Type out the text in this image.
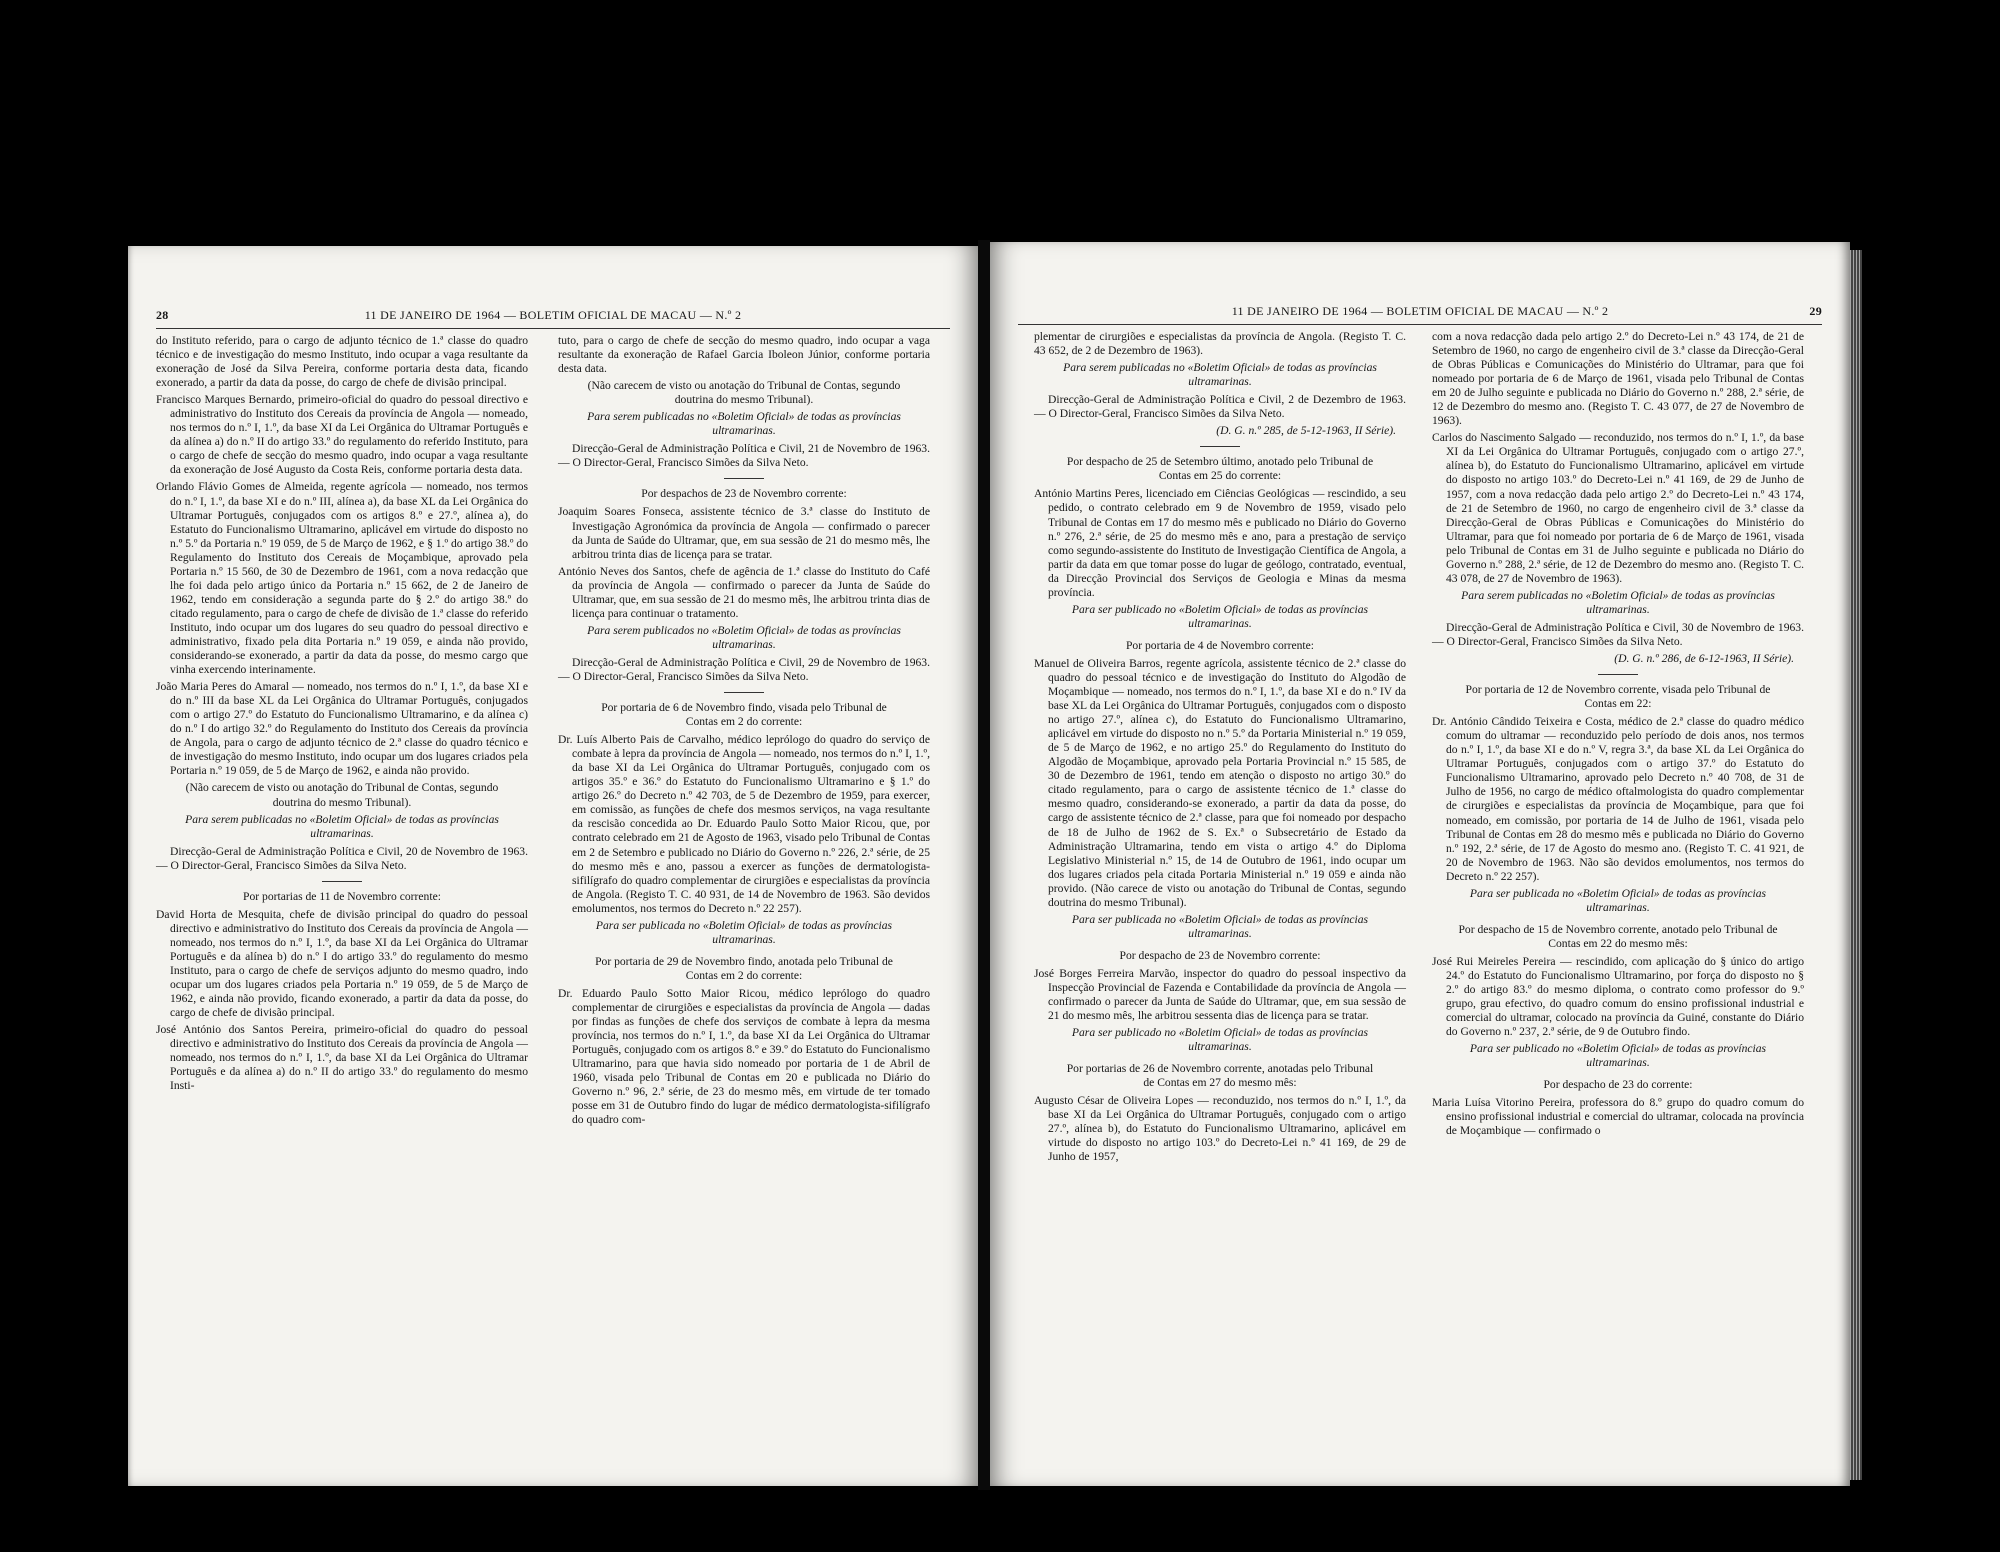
28	11 DE JANEIRO DE 1964 — BOLETIM OFICIAL DE MACAU — N.º 2

do Instituto referido, para o cargo de adjunto técnico de 1.ª classe do quadro técnico e de investigação do mesmo Instituto, indo ocupar a vaga resultante da exoneração de José da Silva Pereira, conforme portaria desta data, ficando exonerado, a partir da data da posse, do cargo de chefe de divisão principal.

Francisco Marques Bernardo, primeiro-oficial do quadro do pessoal directivo e administrativo do Instituto dos Cereais da província de Angola — nomeado, nos termos do n.º I, 1.º, da base XI da Lei Orgânica do Ultramar Português e da alínea a) do n.º II do artigo 33.º do regulamento do referido Instituto, para o cargo de chefe de secção do mesmo quadro, indo ocupar a vaga resultante da exoneração de José Augusto da Costa Reis, conforme portaria desta data.

Orlando Flávio Gomes de Almeida, regente agrícola — nomeado, nos termos do n.º I, 1.º, da base XI e do n.º III, alínea a), da base XL da Lei Orgânica do Ultramar Português, conjugados com os artigos 8.º e 27.º, alínea a), do Estatuto do Funcionalismo Ultramarino, aplicável em virtude do disposto no n.º 5.º da Portaria n.º 19 059, de 5 de Março de 1962, e § 1.º do artigo 38.º do Regulamento do Instituto dos Cereais de Moçambique, aprovado pela Portaria n.º 15 560, de 30 de Dezembro de 1961, com a nova redacção que lhe foi dada pelo artigo único da Portaria n.º 15 662, de 2 de Janeiro de 1962, tendo em consideração a segunda parte do § 2.º do artigo 38.º do citado regulamento, para o cargo de chefe de divisão de 1.ª classe do referido Instituto, indo ocupar um dos lugares do seu quadro do pessoal directivo e administrativo, fixado pela dita Portaria n.º 19 059, e ainda não provido, considerando-se exonerado, a partir da data da posse, do mesmo cargo que vinha exercendo interinamente.

João Maria Peres do Amaral — nomeado, nos termos do n.º I, 1.º, da base XI e do n.º III da base XL da Lei Orgânica do Ultramar Português, conjugados com o artigo 27.º do Estatuto do Funcionalismo Ultramarino, e da alínea c) do n.º I do artigo 32.º do Regulamento do Instituto dos Cereais da província de Angola, para o cargo de adjunto técnico de 2.ª classe do quadro técnico e de investigação do mesmo Instituto, indo ocupar um dos lugares criados pela Portaria n.º 19 059, de 5 de Março de 1962, e ainda não provido.

(Não carecem de visto ou anotação do Tribunal de Contas, segundo doutrina do mesmo Tribunal).

Para serem publicadas no «Boletim Oficial» de todas as províncias ultramarinas.

Direcção-Geral de Administração Política e Civil, 20 de Novembro de 1963. — O Director-Geral, Francisco Simões da Silva Neto.

Por portarias de 11 de Novembro corrente:

David Horta de Mesquita, chefe de divisão principal do quadro do pessoal directivo e administrativo do Instituto dos Cereais da província de Angola — nomeado, nos termos do n.º I, 1.º, da base XI da Lei Orgânica do Ultramar Português e da alínea b) do n.º I do artigo 33.º do regulamento do mesmo Instituto, para o cargo de chefe de serviços adjunto do mesmo quadro, indo ocupar um dos lugares criados pela Portaria n.º 19 059, de 5 de Março de 1962, e ainda não provido, ficando exonerado, a partir da data da posse, do cargo de chefe de divisão principal.

José António dos Santos Pereira, primeiro-oficial do quadro do pessoal directivo e administrativo do Instituto dos Cereais da província de Angola — nomeado, nos termos do n.º I, 1.º, da base XI da Lei Orgânica do Ultramar Português e da alínea a) do n.º II do artigo 33.º do regulamento do mesmo Insti-

tuto, para o cargo de chefe de secção do mesmo quadro, indo ocupar a vaga resultante da exoneração de Rafael Garcia Iboleon Júnior, conforme portaria desta data.

(Não carecem de visto ou anotação do Tribunal de Contas, segundo doutrina do mesmo Tribunal).

Para serem publicadas no «Boletim Oficial» de todas as províncias ultramarinas.

Direcção-Geral de Administração Política e Civil, 21 de Novembro de 1963. — O Director-Geral, Francisco Simões da Silva Neto.

Por despachos de 23 de Novembro corrente:

Joaquim Soares Fonseca, assistente técnico de 3.ª classe do Instituto de Investigação Agronómica da província de Angola — confirmado o parecer da Junta de Saúde do Ultramar, que, em sua sessão de 21 do mesmo mês, lhe arbitrou trinta dias de licença para se tratar.

António Neves dos Santos, chefe de agência de 1.ª classe do Instituto do Café da província de Angola — confirmado o parecer da Junta de Saúde do Ultramar, que, em sua sessão de 21 do mesmo mês, lhe arbitrou trinta dias de licença para continuar o tratamento.

Para serem publicados no «Boletim Oficial» de todas as províncias ultramarinas.

Direcção-Geral de Administração Política e Civil, 29 de Novembro de 1963. — O Director-Geral, Francisco Simões da Silva Neto.

Por portaria de 6 de Novembro findo, visada pelo Tribunal de Contas em 2 do corrente:

Dr. Luís Alberto Pais de Carvalho, médico leprólogo do quadro do serviço de combate à lepra da província de Angola — nomeado, nos termos do n.º I, 1.º, da base XI da Lei Orgânica do Ultramar Português, conjugado com os artigos 35.º e 36.º do Estatuto do Funcionalismo Ultramarino e § 1.º do artigo 26.º do Decreto n.º 42 703, de 5 de Dezembro de 1959, para exercer, em comissão, as funções de chefe dos mesmos serviços, na vaga resultante da rescisão concedida ao Dr. Eduardo Paulo Sotto Maior Ricou, que, por contrato celebrado em 21 de Agosto de 1963, visado pelo Tribunal de Contas em 2 de Setembro e publicado no Diário do Governo n.º 226, 2.ª série, de 25 do mesmo mês e ano, passou a exercer as funções de dermatologista-sifilígrafo do quadro complementar de cirurgiões e especialistas da província de Angola. (Registo T. C. 40 931, de 14 de Novembro de 1963. São devidos emolumentos, nos termos do Decreto n.º 22 257).

Para ser publicada no «Boletim Oficial» de todas as províncias ultramarinas.

Por portaria de 29 de Novembro findo, anotada pelo Tribunal de Contas em 2 do corrente:

Dr. Eduardo Paulo Sotto Maior Ricou, médico leprólogo do quadro complementar de cirurgiões e especialistas da província de Angola — dadas por findas as funções de chefe dos serviços de combate à lepra da mesma província, nos termos do n.º I, 1.º, da base XI da Lei Orgânica do Ultramar Português, conjugado com os artigos 8.º e 39.º do Estatuto do Funcionalismo Ultramarino, para que havia sido nomeado por portaria de 1 de Abril de 1960, visada pelo Tribunal de Contas em 20 e publicada no Diário do Governo n.º 96, 2.ª série, de 23 do mesmo mês, em virtude de ter tomado posse em 31 de Outubro findo do lugar de médico dermatologista-sifilígrafo do quadro com-

11 DE JANEIRO DE 1964 — BOLETIM OFICIAL DE MACAU — N.º 2	29

plementar de cirurgiões e especialistas da província de Angola. (Registo T. C. 43 652, de 2 de Dezembro de 1963).

Para serem publicadas no «Boletim Oficial» de todas as províncias ultramarinas.

Direcção-Geral de Administração Política e Civil, 2 de Dezembro de 1963. — O Director-Geral, Francisco Simões da Silva Neto.

(D. G. n.º 285, de 5-12-1963, II Série).

Por despacho de 25 de Setembro último, anotado pelo Tribunal de Contas em 25 do corrente:

António Martins Peres, licenciado em Ciências Geológicas — rescindido, a seu pedido, o contrato celebrado em 9 de Novembro de 1959, visado pelo Tribunal de Contas em 17 do mesmo mês e publicado no Diário do Governo n.º 276, 2.ª série, de 25 do mesmo mês e ano, para a prestação de serviço como segundo-assistente do Instituto de Investigação Científica de Angola, a partir da data em que tomar posse do lugar de geólogo, contratado, eventual, da Direcção Provincial dos Serviços de Geologia e Minas da mesma província.

Para ser publicado no «Boletim Oficial» de todas as províncias ultramarinas.

Por portaria de 4 de Novembro corrente:

Manuel de Oliveira Barros, regente agrícola, assistente técnico de 2.ª classe do quadro do pessoal técnico e de investigação do Instituto do Algodão de Moçambique — nomeado, nos termos do n.º I, 1.º, da base XI e do n.º IV da base XL da Lei Orgânica do Ultramar Português, conjugados com o disposto no artigo 27.º, alínea c), do Estatuto do Funcionalismo Ultramarino, aplicável em virtude do disposto no n.º 5.º da Portaria Ministerial n.º 19 059, de 5 de Março de 1962, e no artigo 25.º do Regulamento do Instituto do Algodão de Moçambique, aprovado pela Portaria Provincial n.º 15 585, de 30 de Dezembro de 1961, tendo em atenção o disposto no artigo 30.º do citado regulamento, para o cargo de assistente técnico de 1.ª classe do mesmo quadro, considerando-se exonerado, a partir da data da posse, do cargo de assistente técnico de 2.ª classe, para que foi nomeado por despacho de 18 de Julho de 1962 de S. Ex.ª o Subsecretário de Estado da Administração Ultramarina, tendo em vista o artigo 4.º do Diploma Legislativo Ministerial n.º 15, de 14 de Outubro de 1961, indo ocupar um dos lugares criados pela citada Portaria Ministerial n.º 19 059 e ainda não provido. (Não carece de visto ou anotação do Tribunal de Contas, segundo doutrina do mesmo Tribunal).

Para ser publicada no «Boletim Oficial» de todas as províncias ultramarinas.

Por despacho de 23 de Novembro corrente:

José Borges Ferreira Marvão, inspector do quadro do pessoal inspectivo da Inspecção Provincial de Fazenda e Contabilidade da província de Angola — confirmado o parecer da Junta de Saúde do Ultramar, que, em sua sessão de 21 do mesmo mês, lhe arbitrou sessenta dias de licença para se tratar.

Para ser publicado no «Boletim Oficial» de todas as províncias ultramarinas.

Por portarias de 26 de Novembro corrente, anotadas pelo Tribunal de Contas em 27 do mesmo mês:

Augusto César de Oliveira Lopes — reconduzido, nos termos do n.º I, 1.º, da base XI da Lei Orgânica do Ultramar Português, conjugado com o artigo 27.º, alínea b), do Estatuto do Funcionalismo Ultramarino, aplicável em virtude do disposto no artigo 103.º do Decreto-Lei n.º 41 169, de 29 de Junho de 1957,

com a nova redacção dada pelo artigo 2.º do Decreto-Lei n.º 43 174, de 21 de Setembro de 1960, no cargo de engenheiro civil de 3.ª classe da Direcção-Geral de Obras Públicas e Comunicações do Ministério do Ultramar, para que foi nomeado por portaria de 6 de Março de 1961, visada pelo Tribunal de Contas em 20 de Julho seguinte e publicada no Diário do Governo n.º 288, 2.ª série, de 12 de Dezembro do mesmo ano. (Registo T. C. 43 077, de 27 de Novembro de 1963).

Carlos do Nascimento Salgado — reconduzido, nos termos do n.º I, 1.º, da base XI da Lei Orgânica do Ultramar Português, conjugado com o artigo 27.º, alínea b), do Estatuto do Funcionalismo Ultramarino, aplicável em virtude do disposto no artigo 103.º do Decreto-Lei n.º 41 169, de 29 de Junho de 1957, com a nova redacção dada pelo artigo 2.º do Decreto-Lei n.º 43 174, de 21 de Setembro de 1960, no cargo de engenheiro civil de 3.ª classe da Direcção-Geral de Obras Públicas e Comunicações do Ministério do Ultramar, para que foi nomeado por portaria de 6 de Março de 1961, visada pelo Tribunal de Contas em 31 de Julho seguinte e publicada no Diário do Governo n.º 288, 2.ª série, de 12 de Dezembro do mesmo ano. (Registo T. C. 43 078, de 27 de Novembro de 1963).

Para serem publicadas no «Boletim Oficial» de todas as províncias ultramarinas.

Direcção-Geral de Administração Política e Civil, 30 de Novembro de 1963. — O Director-Geral, Francisco Simões da Silva Neto.

(D. G. n.º 286, de 6-12-1963, II Série).

Por portaria de 12 de Novembro corrente, visada pelo Tribunal de Contas em 22:

Dr. António Cândido Teixeira e Costa, médico de 2.ª classe do quadro médico comum do ultramar — reconduzido pelo período de dois anos, nos termos do n.º I, 1.º, da base XI e do n.º V, regra 3.ª, da base XL da Lei Orgânica do Ultramar Português, conjugados com o artigo 37.º do Estatuto do Funcionalismo Ultramarino, aprovado pelo Decreto n.º 40 708, de 31 de Julho de 1956, no cargo de médico oftalmologista do quadro complementar de cirurgiões e especialistas da província de Moçambique, para que foi nomeado, em comissão, por portaria de 14 de Julho de 1961, visada pelo Tribunal de Contas em 28 do mesmo mês e publicada no Diário do Governo n.º 192, 2.ª série, de 17 de Agosto do mesmo ano. (Registo T. C. 41 921, de 20 de Novembro de 1963. Não são devidos emolumentos, nos termos do Decreto n.º 22 257).

Para ser publicada no «Boletim Oficial» de todas as províncias ultramarinas.

Por despacho de 15 de Novembro corrente, anotado pelo Tribunal de Contas em 22 do mesmo mês:

José Rui Meireles Pereira — rescindido, com aplicação do § único do artigo 24.º do Estatuto do Funcionalismo Ultramarino, por força do disposto no § 2.º do artigo 83.º do mesmo diploma, o contrato como professor do 9.º grupo, grau efectivo, do quadro comum do ensino profissional industrial e comercial do ultramar, colocado na província da Guiné, constante do Diário do Governo n.º 237, 2.ª série, de 9 de Outubro findo.

Para ser publicado no «Boletim Oficial» de todas as províncias ultramarinas.

Por despacho de 23 do corrente:

Maria Luísa Vitorino Pereira, professora do 8.º grupo do quadro comum do ensino profissional industrial e comercial do ultramar, colocada na província de Moçambique — confirmado o
